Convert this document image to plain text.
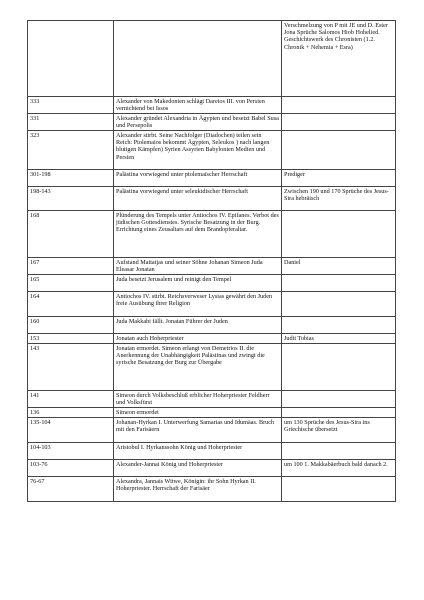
		Verschmelzung von P mit JE und D. Ester Jona Sprüche Salomos Hiob Hohelied. Geschichtswerk des Chronisten (1.2. Chronik + Nehemia + Esra)

333	Alexander von Makedonien schlägt Dareios III. von Persien vernichtend bei Issos	

331	Alexander gründet Alexandria in Ägypten und besetzt Babel Susa und Persepolis	

323	Alexander stirbt. Seine Nachfolger (Diadochen) teilen sein Reich: Ptolemaios bekommt Ägypten, Seleukos ) nach langen blutigen Kämpfen) Syrien Assyrien Babylonien Medien und Persien	

301-198	Palästina vorwiegend unter ptolemaïscher Herrschaft	Prediger

198-143	Palästina vorwiegend unter seleukidischer Herrschaft	Zwischen 190 und 170 Sprüche des Jesus-Sira hebräisch

168	Plünderung des Tempels unter Antiochos IV. Epifanes. Verbot des jüdischen Gottesdienstes. Syrische Besatzung in der Burg. Errichtung eines Zeusaltars auf dem Brandopferaltar.	

167	Aufstand Mattatjas und seiner Söhne Johanan Simeon Juda Eleasar Jonatan	Daniel

165	Juda besetzt Jerusalem und reinigt den Tempel	

164	Antiochos IV. stirbt. Reichsverweser Lysias gewährt den Juden freie Ausübung ihrer Religion	

160	Juda Makkabi fällt. Jonatan Führer der Juden	

153	Jonatan auch Hoherpriester	Judit Tobias

143	Jonatan ermordet. Simeon erlangt von Demetrios II. die Anerkennung der Unabhängigkeit Palästinas und zwingt die syrische Besatzung der Burg zur Übergabe	

141	Simeon durch Volksbeschluß erblicher Hoherpriester Feldherr und Volksfürst	

136	Simeon ermordet	

135-104	Johanan-Hyrkan I. Unterwerfung Samarias und Idumäas. Bruch mit den Farisäern	um 130 Sprüche des Jesus-Sira ins Griechische übersetzt

104-103	Aristobul I. Hyrkanssohn König und Hoherpriester	

103-76	Alexander-Jannai König und Hoherpriester	um 100 1. Makkabäerbuch bald danach 2.

76-67	Alexandra, Jannais Witwe, Königin: ihr Sohn Hyrkan II. Hoherpriester. Herrschaft der Farisäer	
